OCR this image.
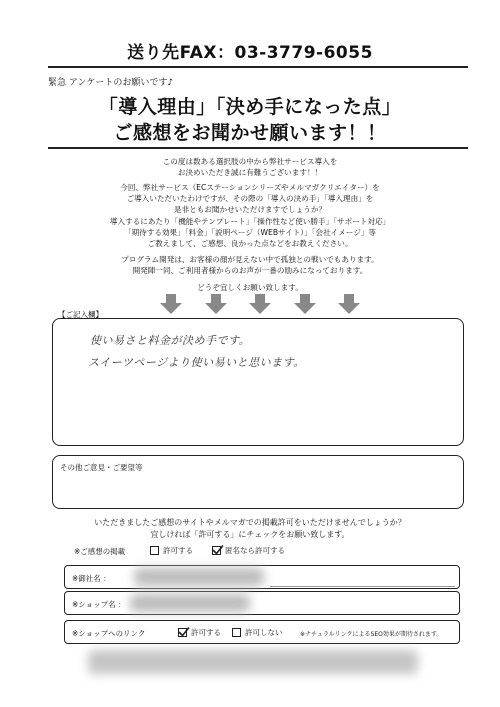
送り先FAX：03-3779-6055
緊急 アンケートのお願いです♪
「導入理由」「決め手になった点」
ご感想をお聞かせ願います！！
この度は数ある選択肢の中から弊社サービス導入を
お決めいただき誠に有難うございます！！
今回、弊社サービス（ECステーションシリーズやメルマガクリエイター）を
ご導入いただいたわけですが、その際の「導入の決め手」「導入理由」を
是非ともお聞かせいただけますでしょうか？
導入するにあたり「機能やテンプレート」「操作性など使い勝手」「サポート対応」
「期待する効果」「料金」「説明ページ（WEBサイト）」「会社イメージ」等
ご教えまして、ご感想、良かった点などをお教えください。
プログラム開発は、お客様の顔が見えない中で孤独との戦いでもあります。
開発陣一同、ご利用者様からのお声が一番の励みになっております。
どうぞ宜しくお願い致します。
【ご記入欄】
使い易さと料金が決め手です。
スイーツページより使い易いと思います。
その他ご意見・ご要望等
いただきましたご感想のサイトやメルマガでの掲載許可をいただけませんでしょうか？
宜しければ「許可する」にチェックをお願い致します。
※ご感想の掲載	許可する	匿名なら許可する
※御社名 ：
※ショップ名 ：
※ショップへのリンク	許可する	許可しない	※ナチュラルリンクによるSEO効果が期待されます。
